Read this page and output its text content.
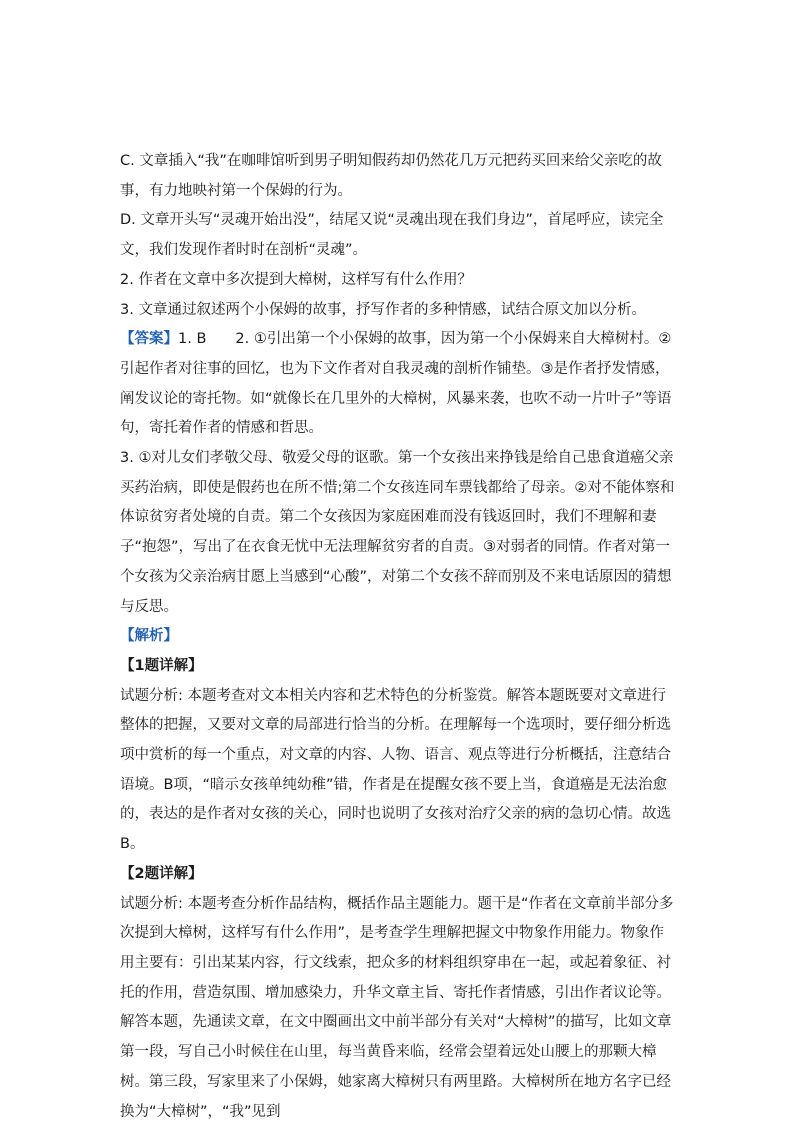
C. 文章插入“我”在咖啡馆听到男子明知假药却仍然花几万元把药买回来给父亲吃的故事，有力地映衬第一个保姆的行为。

D. 文章开头写“灵魂开始出没”，结尾又说“灵魂出现在我们身边”，首尾呼应，读完全文，我们发现作者时时在剖析“灵魂”。

2. 作者在文章中多次提到大樟树，这样写有什么作用？

3. 文章通过叙述两个小保姆的故事，抒写作者的多种情感，试结合原文加以分析。

【答案】1. B　　2. ①引出第一个小保姆的故事，因为第一个小保姆来自大樟树村。②引起作者对往事的回忆，也为下文作者对自我灵魂的剖析作铺垫。③是作者抒发情感，阐发议论的寄托物。如“就像长在几里外的大樟树，风暴来袭，也吹不动一片叶子”等语句，寄托着作者的情感和哲思。

3. ①对儿女们孝敬父母、敬爱父母的讴歌。第一个女孩出来挣钱是给自己患食道癌父亲买药治病，即使是假药也在所不惜;第二个女孩连同车票钱都给了母亲。②对不能体察和体谅贫穷者处境的自责。第二个女孩因为家庭困难而没有钱返回时，我们不理解和妻子“抱怨”，写出了在衣食无忧中无法理解贫穷者的自责。③对弱者的同情。作者对第一个女孩为父亲治病甘愿上当感到“心酸”，对第二个女孩不辞而别及不来电话原因的猜想与反思。

【解析】

【1题详解】

试题分析: 本题考查对文本相关内容和艺术特色的分析鉴赏。解答本题既要对文章进行整体的把握，又要对文章的局部进行恰当的分析。在理解每一个选项时，要仔细分析选项中赏析的每一个重点，对文章的内容、人物、语言、观点等进行分析概括，注意结合语境。B项，“暗示女孩单纯幼稚”错，作者是在提醒女孩不要上当，食道癌是无法治愈的，表达的是作者对女孩的关心，同时也说明了女孩对治疗父亲的病的急切心情。故选B。

【2题详解】

试题分析: 本题考查分析作品结构，概括作品主题能力。题干是“作者在文章前半部分多次提到大樟树，这样写有什么作用”，是考查学生理解把握文中物象作用能力。物象作用主要有：引出某某内容，行文线索，把众多的材料组织穿串在一起，或起着象征、衬托的作用，营造氛围、增加感染力，升华文章主旨、寄托作者情感，引出作者议论等。解答本题，先通读文章，在文中圈画出文中前半部分有关对“大樟树”的描写，比如文章第一段，写自己小时候住在山里，每当黄昏来临，经常会望着远处山腰上的那颗大樟树。第三段，写家里来了小保姆，她家离大樟树只有两里路。大樟树所在地方名字已经换为“大樟树”，“我”见到
